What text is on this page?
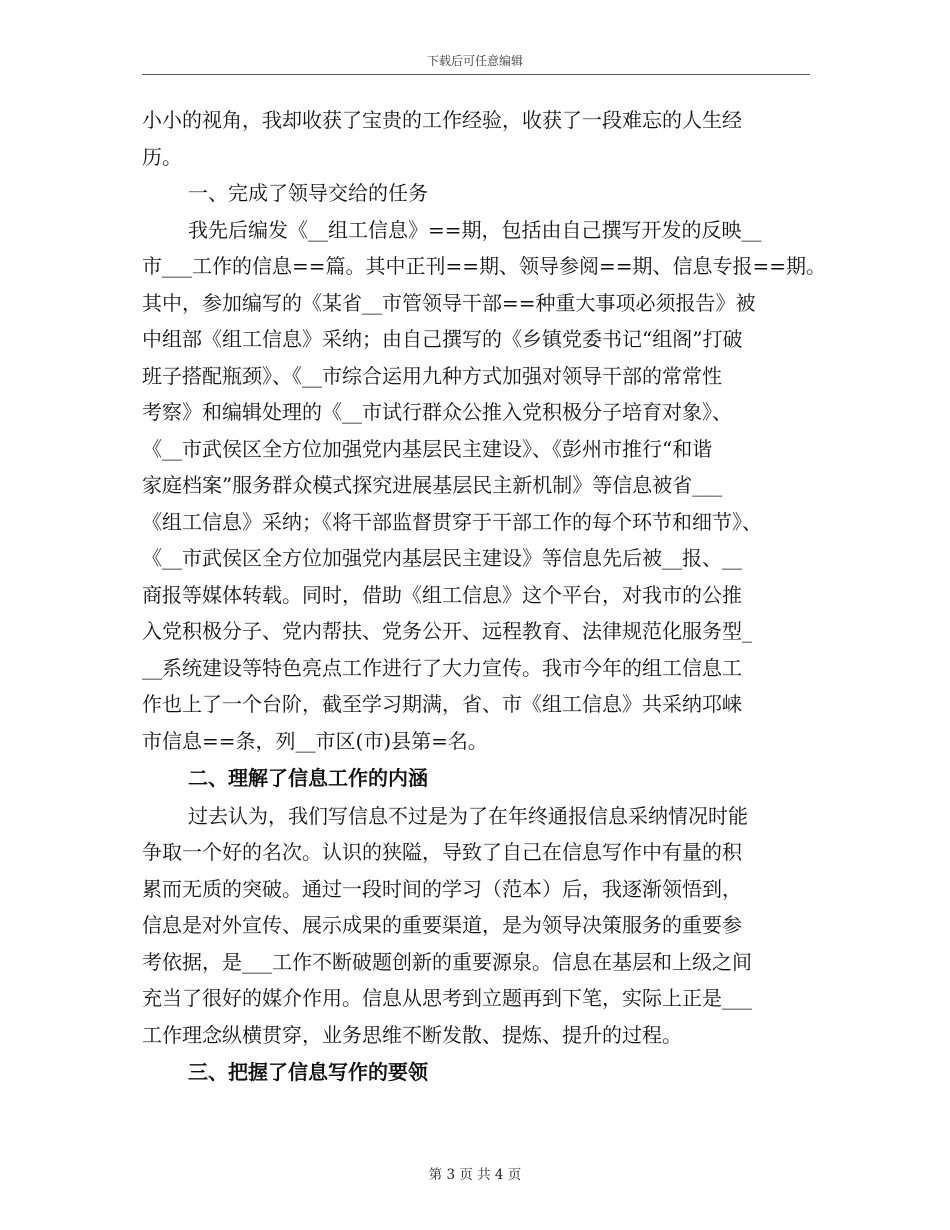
下载后可任意编辑
小小的视角，我却收获了宝贵的工作经验，收获了一段难忘的人生经
历。
一、完成了领导交给的任务
我先后编发《__组工信息》==期，包括由自己撰写开发的反映__
市___工作的信息==篇。其中正刊==期、领导参阅==期、信息专报==期。
其中，参加编写的《某省__市管领导干部==种重大事项必须报告》被
中组部《组工信息》采纳；由自己撰写的《乡镇党委书记“组阁”打破
班子搭配瓶颈》、《__市综合运用九种方式加强对领导干部的常常性
考察》和编辑处理的《__市试行群众公推入党积极分子培育对象》、
《__市武侯区全方位加强党内基层民主建设》、《彭州市推行“和谐
家庭档案”服务群众模式探究进展基层民主新机制》等信息被省___
《组工信息》采纳；《将干部监督贯穿于干部工作的每个环节和细节》、
《__市武侯区全方位加强党内基层民主建设》等信息先后被__报、__
商报等媒体转载。同时，借助《组工信息》这个平台，对我市的公推
入党积极分子、党内帮扶、党务公开、远程教育、法律规范化服务型_
__系统建设等特色亮点工作进行了大力宣传。我市今年的组工信息工
作也上了一个台阶，截至学习期满，省、市《组工信息》共采纳邛崃
市信息==条，列__市区(市)县第=名。
二、理解了信息工作的内涵
过去认为，我们写信息不过是为了在年终通报信息采纳情况时能
争取一个好的名次。认识的狭隘，导致了自己在信息写作中有量的积
累而无质的突破。通过一段时间的学习（范本）后，我逐渐领悟到，
信息是对外宣传、展示成果的重要渠道，是为领导决策服务的重要参
考依据，是___工作不断破题创新的重要源泉。信息在基层和上级之间
充当了很好的媒介作用。信息从思考到立题再到下笔，实际上正是___
工作理念纵横贯穿，业务思维不断发散、提炼、提升的过程。
三、把握了信息写作的要领
第 3 页 共 4 页
